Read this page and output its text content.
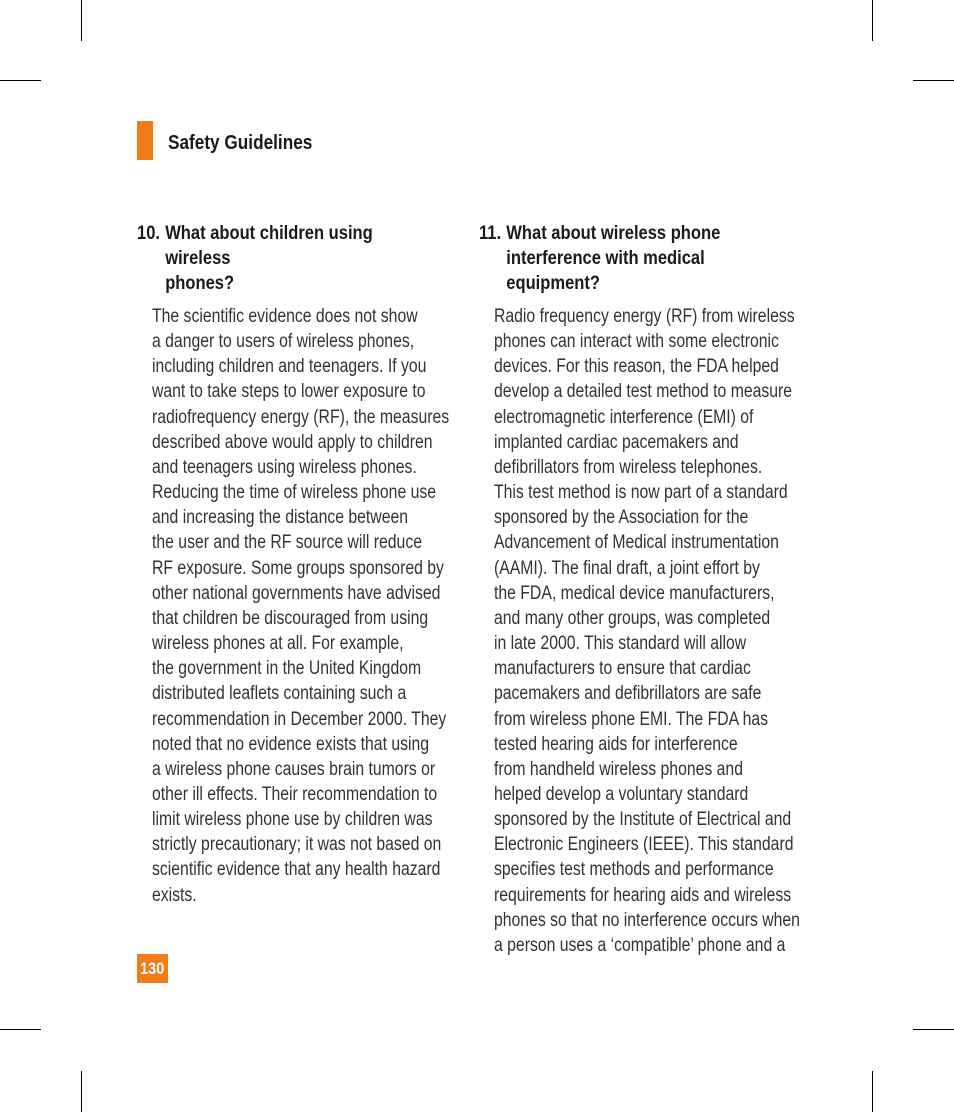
Safety Guidelines
10. What about children using wireless
phones?
The scientific evidence does not show
a danger to users of wireless phones,
including children and teenagers. If you
want to take steps to lower exposure to
radiofrequency energy (RF), the measures
described above would apply to children
and teenagers using wireless phones.
Reducing the time of wireless phone use
and increasing the distance between
the user and the RF source will reduce
RF exposure. Some groups sponsored by
other national governments have advised
that children be discouraged from using
wireless phones at all. For example,
the government in the United Kingdom
distributed leaflets containing such a
recommendation in December 2000. They
noted that no evidence exists that using
a wireless phone causes brain tumors or
other ill effects. Their recommendation to
limit wireless phone use by children was
strictly precautionary; it was not based on
scientific evidence that any health hazard
exists.
11. What about wireless phone
interference with medical equipment?
Radio frequency energy (RF) from wireless
phones can interact with some electronic
devices. For this reason, the FDA helped
develop a detailed test method to measure
electromagnetic interference (EMI) of
implanted cardiac pacemakers and
defibrillators from wireless telephones.
This test method is now part of a standard
sponsored by the Association for the
Advancement of Medical instrumentation
(AAMI). The final draft, a joint effort by
the FDA, medical device manufacturers,
and many other groups, was completed
in late 2000. This standard will allow
manufacturers to ensure that cardiac
pacemakers and defibrillators are safe
from wireless phone EMI. The FDA has
tested hearing aids for interference
from handheld wireless phones and
helped develop a voluntary standard
sponsored by the Institute of Electrical and
Electronic Engineers (IEEE). This standard
specifies test methods and performance
requirements for hearing aids and wireless
phones so that no interference occurs when
a person uses a ‘compatible’ phone and a
130
